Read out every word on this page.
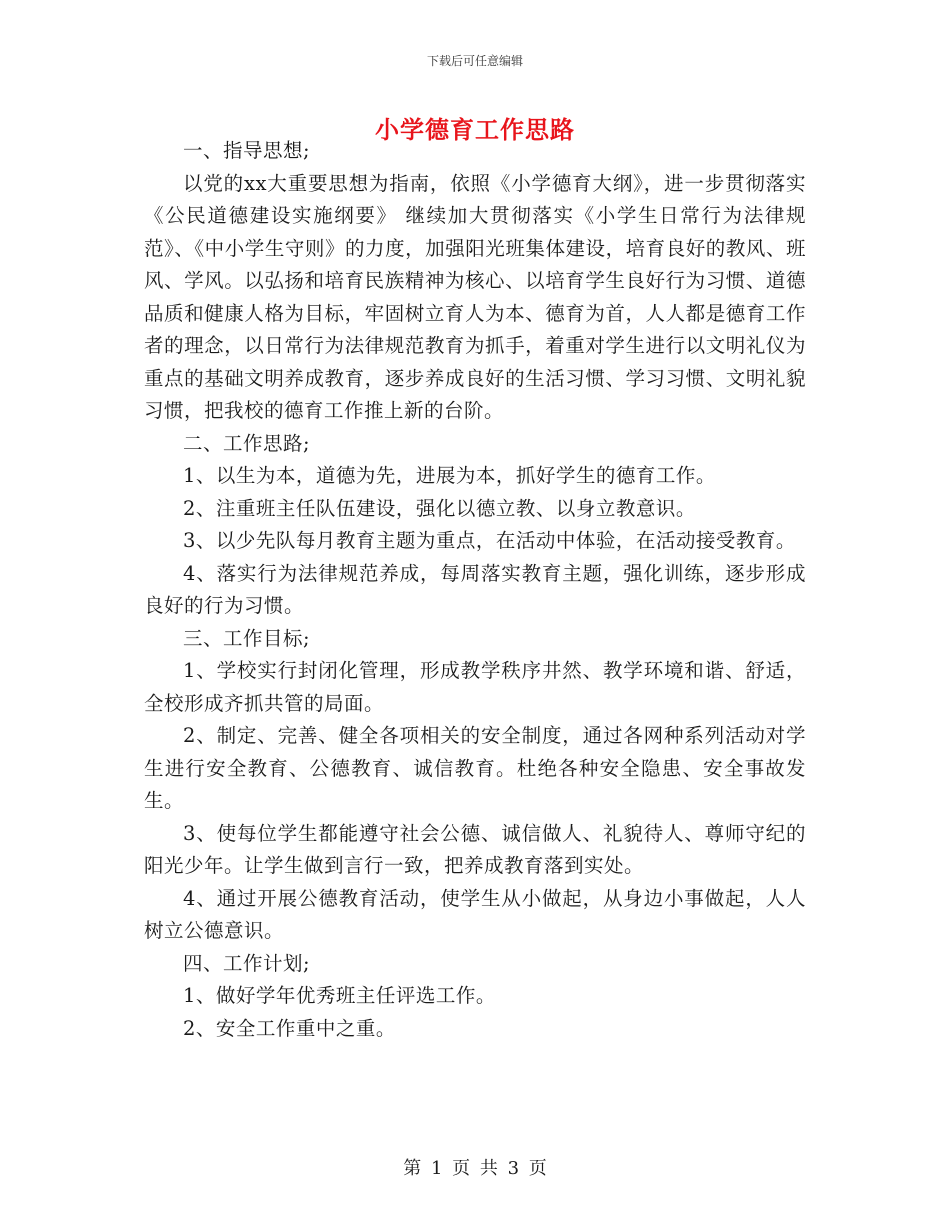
下载后可任意编辑
小学德育工作思路

一、指导思想;

以党的xx大重要思想为指南，依照《小学德育大纲》，进一步贯彻落实《公民道德建设实施纲要》 继续加大贯彻落实《小学生日常行为法律规范》、《中小学生守则》的力度，加强阳光班集体建设，培育良好的教风、班风、学风。以弘扬和培育民族精神为核心、以培育学生良好行为习惯、道德品质和健康人格为目标，牢固树立育人为本、德育为首，人人都是德育工作者的理念，以日常行为法律规范教育为抓手，着重对学生进行以文明礼仪为重点的基础文明养成教育，逐步养成良好的生活习惯、学习习惯、文明礼貌习惯，把我校的德育工作推上新的台阶。

二、工作思路;

1、以生为本，道德为先，进展为本，抓好学生的德育工作。

2、注重班主任队伍建设，强化以德立教、以身立教意识。

3、以少先队每月教育主题为重点，在活动中体验，在活动接受教育。

4、落实行为法律规范养成，每周落实教育主题，强化训练，逐步形成良好的行为习惯。

三、工作目标;

1、学校实行封闭化管理，形成教学秩序井然、教学环境和谐、舒适，全校形成齐抓共管的局面。

2、制定、完善、健全各项相关的安全制度，通过各网种系列活动对学生进行安全教育、公德教育、诚信教育。杜绝各种安全隐患、安全事故发生。

3、使每位学生都能遵守社会公德、诚信做人、礼貌待人、尊师守纪的阳光少年。让学生做到言行一致，把养成教育落到实处。

4、通过开展公德教育活动，使学生从小做起，从身边小事做起，人人树立公德意识。

四、工作计划;

1、做好学年优秀班主任评选工作。

2、安全工作重中之重。

第 1 页 共 3 页
